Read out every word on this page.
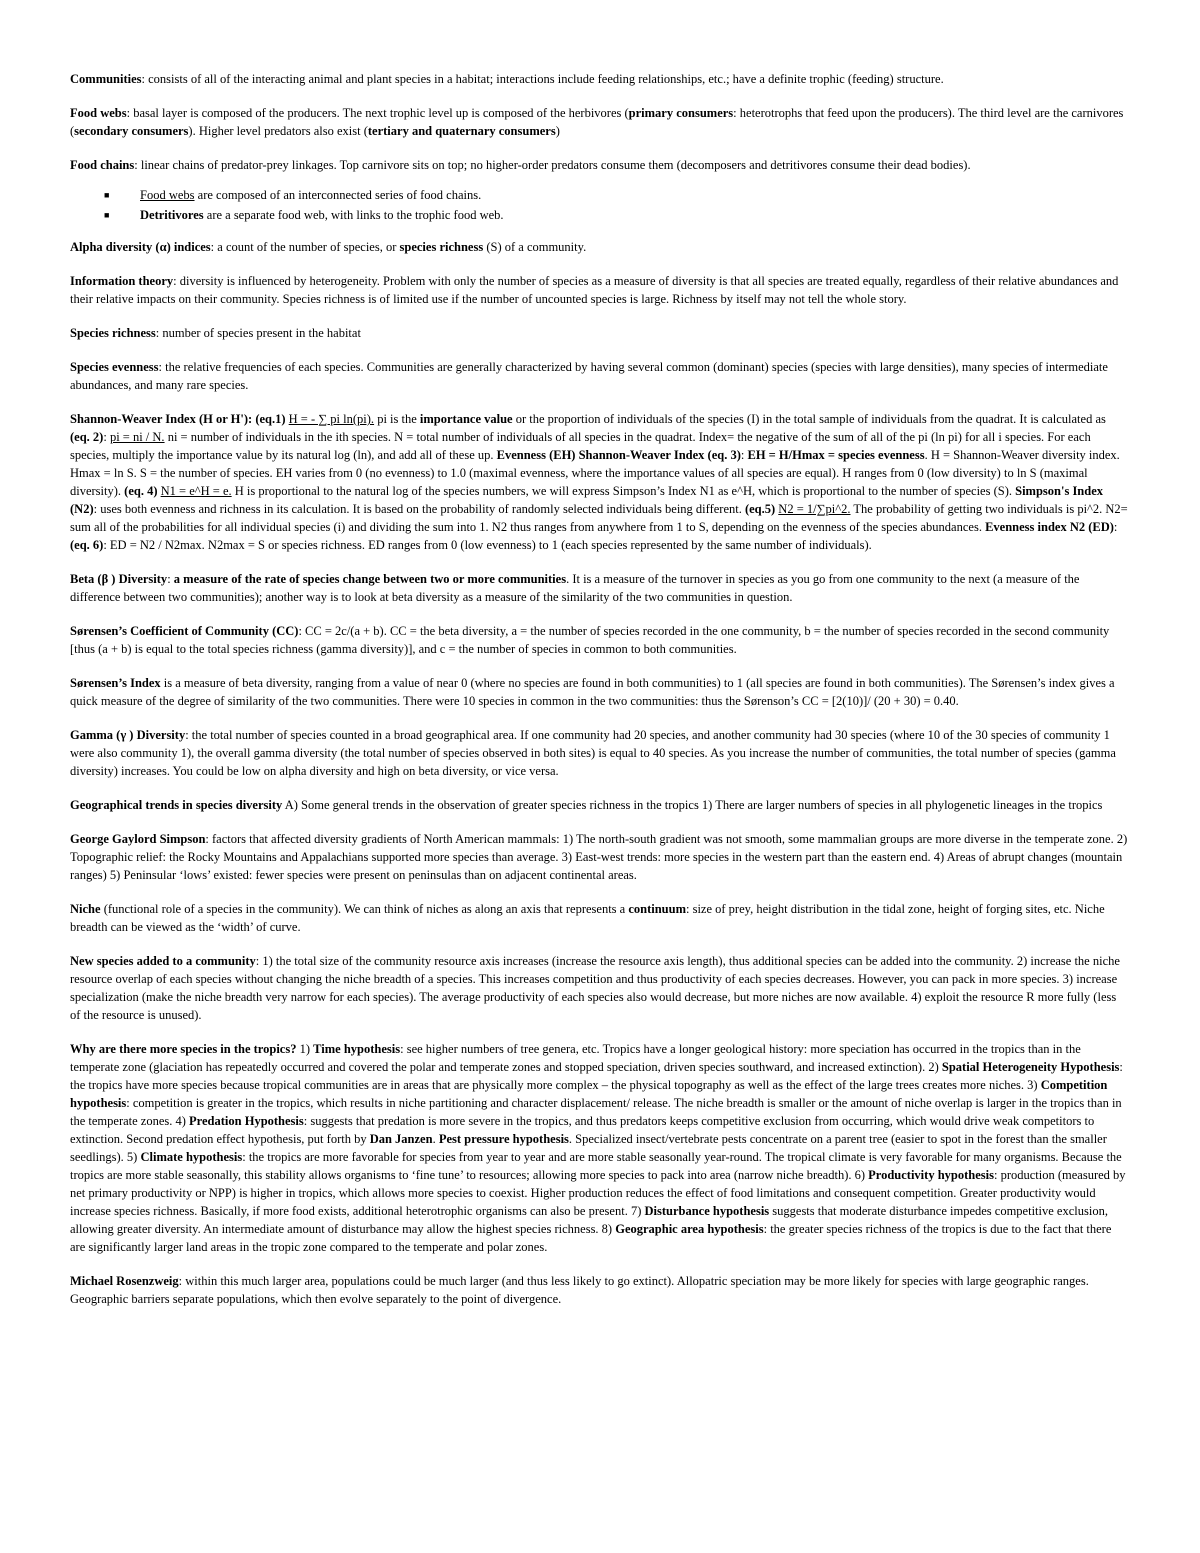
Communities: consists of all of the interacting animal and plant species in a habitat; interactions include feeding relationships, etc.; have a definite trophic (feeding) structure.

Food webs: basal layer is composed of the producers. The next trophic level up is composed of the herbivores (primary consumers: heterotrophs that feed upon the producers). The third level are the carnivores (secondary consumers). Higher level predators also exist (tertiary and quaternary consumers)

Food chains: linear chains of predator-prey linkages. Top carnivore sits on top; no higher-order predators consume them (decomposers and detritivores consume their dead bodies).

■ Food webs are composed of an interconnected series of food chains.
■ Detritivores are a separate food web, with links to the trophic food web.

Alpha diversity (α) indices: a count of the number of species, or species richness (S) of a community.

Information theory: diversity is influenced by heterogeneity. Problem with only the number of species as a measure of diversity is that all species are treated equally, regardless of their relative abundances and their relative impacts on their community. Species richness is of limited use if the number of uncounted species is large. Richness by itself may not tell the whole story.

Species richness: number of species present in the habitat

Species evenness: the relative frequencies of each species. Communities are generally characterized by having several common (dominant) species (species with large densities), many species of intermediate abundances, and many rare species.

Shannon-Weaver Index (H or H'): (eq.1) H = - ∑ pi ln(pi). pi is the importance value or the proportion of individuals of the species (I) in the total sample of individuals from the quadrat. It is calculated as (eq. 2): pi = ni / N. ni = number of individuals in the ith species. N = total number of individuals of all species in the quadrat. Index= the negative of the sum of all of the pi (ln pi) for all i species. For each species, multiply the importance value by its natural log (ln), and add all of these up. Evenness (EH) Shannon-Weaver Index (eq. 3): EH = H/Hmax = species evenness. H = Shannon-Weaver diversity index. Hmax = ln S. S = the number of species. EH varies from 0 (no evenness) to 1.0 (maximal evenness, where the importance values of all species are equal). H ranges from 0 (low diversity) to ln S (maximal diversity). (eq. 4) N1 = e^H = e. H is proportional to the natural log of the species numbers, we will express Simpson’s Index N1 as e^H, which is proportional to the number of species (S). Simpson's Index (N2): uses both evenness and richness in its calculation. It is based on the probability of randomly selected individuals being different. (eq.5) N2 = 1/∑pi^2. The probability of getting two individuals is pi^2. N2= sum all of the probabilities for all individual species (i) and dividing the sum into 1. N2 thus ranges from anywhere from 1 to S, depending on the evenness of the species abundances. Evenness index N2 (ED): (eq. 6): ED = N2 / N2max. N2max = S or species richness. ED ranges from 0 (low evenness) to 1 (each species represented by the same number of individuals).

Beta (β ) Diversity: a measure of the rate of species change between two or more communities. It is a measure of the turnover in species as you go from one community to the next (a measure of the difference between two communities); another way is to look at beta diversity as a measure of the similarity of the two communities in question.

Sørensen’s Coefficient of Community (CC): CC = 2c/(a + b). CC = the beta diversity, a = the number of species recorded in the one community, b = the number of species recorded in the second community [thus (a + b) is equal to the total species richness (gamma diversity)], and c = the number of species in common to both communities.

Sørensen’s Index is a measure of beta diversity, ranging from a value of near 0 (where no species are found in both communities) to 1 (all species are found in both communities). The Sørensen’s index gives a quick measure of the degree of similarity of the two communities. There were 10 species in common in the two communities: thus the Sørenson’s CC = [2(10)]/ (20 + 30) = 0.40.

Gamma (γ ) Diversity: the total number of species counted in a broad geographical area. If one community had 20 species, and another community had 30 species (where 10 of the 30 species of community 1 were also community 1), the overall gamma diversity (the total number of species observed in both sites) is equal to 40 species. As you increase the number of communities, the total number of species (gamma diversity) increases. You could be low on alpha diversity and high on beta diversity, or vice versa.

Geographical trends in species diversity A) Some general trends in the observation of greater species richness in the tropics 1) There are larger numbers of species in all phylogenetic lineages in the tropics

George Gaylord Simpson: factors that affected diversity gradients of North American mammals: 1) The north-south gradient was not smooth, some mammalian groups are more diverse in the temperate zone. 2) Topographic relief: the Rocky Mountains and Appalachians supported more species than average. 3) East-west trends: more species in the western part than the eastern end. 4) Areas of abrupt changes (mountain ranges) 5) Peninsular ‘lows’ existed: fewer species were present on peninsulas than on adjacent continental areas.

Niche (functional role of a species in the community). We can think of niches as along an axis that represents a continuum: size of prey, height distribution in the tidal zone, height of forging sites, etc. Niche breadth can be viewed as the ‘width’ of curve.

New species added to a community: 1) the total size of the community resource axis increases (increase the resource axis length), thus additional species can be added into the community. 2) increase the niche resource overlap of each species without changing the niche breadth of a species. This increases competition and thus productivity of each species decreases. However, you can pack in more species. 3) increase specialization (make the niche breadth very narrow for each species). The average productivity of each species also would decrease, but more niches are now available. 4) exploit the resource R more fully (less of the resource is unused).

Why are there more species in the tropics? 1) Time hypothesis: see higher numbers of tree genera, etc. Tropics have a longer geological history: more speciation has occurred in the tropics than in the temperate zone (glaciation has repeatedly occurred and covered the polar and temperate zones and stopped speciation, driven species southward, and increased extinction). 2) Spatial Heterogeneity Hypothesis: the tropics have more species because tropical communities are in areas that are physically more complex – the physical topography as well as the effect of the large trees creates more niches. 3) Competition hypothesis: competition is greater in the tropics, which results in niche partitioning and character displacement/ release. The niche breadth is smaller or the amount of niche overlap is larger in the tropics than in the temperate zones. 4) Predation Hypothesis: suggests that predation is more severe in the tropics, and thus predators keeps competitive exclusion from occurring, which would drive weak competitors to extinction. Second predation effect hypothesis, put forth by Dan Janzen. Pest pressure hypothesis. Specialized insect/vertebrate pests concentrate on a parent tree (easier to spot in the forest than the smaller seedlings). 5) Climate hypothesis: the tropics are more favorable for species from year to year and are more stable seasonally year-round. The tropical climate is very favorable for many organisms. Because the tropics are more stable seasonally, this stability allows organisms to ‘fine tune’ to resources; allowing more species to pack into area (narrow niche breadth). 6) Productivity hypothesis: production (measured by net primary productivity or NPP) is higher in tropics, which allows more species to coexist. Higher production reduces the effect of food limitations and consequent competition. Greater productivity would increase species richness. Basically, if more food exists, additional heterotrophic organisms can also be present. 7) Disturbance hypothesis suggests that moderate disturbance impedes competitive exclusion, allowing greater diversity. An intermediate amount of disturbance may allow the highest species richness. 8) Geographic area hypothesis: the greater species richness of the tropics is due to the fact that there are significantly larger land areas in the tropic zone compared to the temperate and polar zones.

Michael Rosenzweig: within this much larger area, populations could be much larger (and thus less likely to go extinct). Allopatric speciation may be more likely for species with large geographic ranges. Geographic barriers separate populations, which then evolve separately to the point of divergence.
